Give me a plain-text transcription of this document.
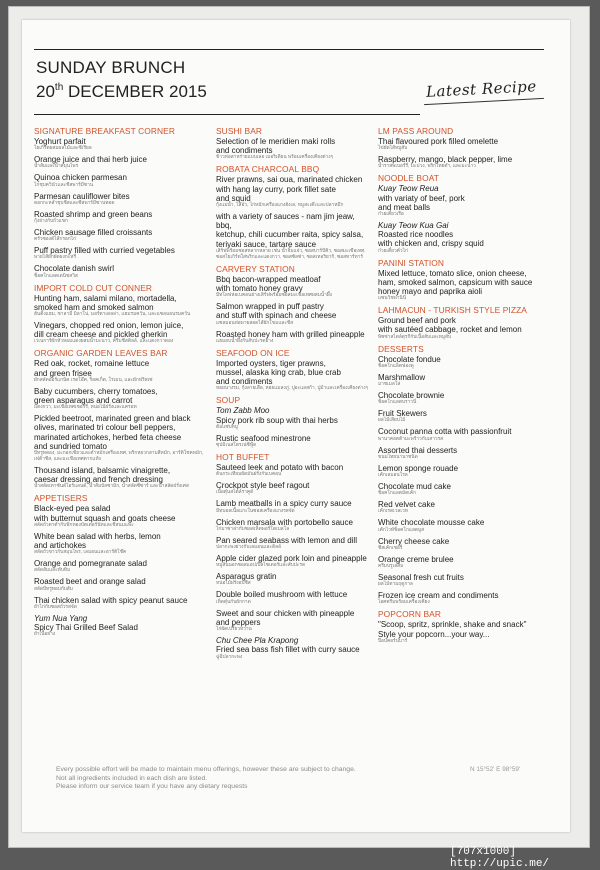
SUNDAY BRUNCH
20th DECEMBER 2015	Latest Recipe
SIGNATURE BREAKFAST CORNER
Yoghurt parfait
โยเกิร์ตผสมผลไม้และซีเรียล
Orange juice and thai herb juice
น้ำส้มและน้ำสมุนไพร
Quinoa chicken parmesan
ไก่ชุบควินัวและชีสพาร์มีซาน
Parmesan cauliflower bites
ดอกกะหล่ำชุบชีสและซีสพาร์มีซานทอด
Roasted shrimp and green beans
กุ้งย่างกับถั่วแขก
Chicken sausage filled croissants
ครัวซองต์ไส้กรอกไก่
Puff pastry filled with curried vegetables
พายไส้ผักผัดผงกะหรี่
Chocolate danish swirl
ช็อคโกแลตเดนิชสวิส
IMPORT COLD CUT CONNER
Hunting ham, salami milano, mortadella,
smoked ham and smoked salmon
ฮันติ้งแฮม, ซาลามี่ มิลาโน่, มอร์ตาเดลล่า, แฮมรมควัน, และแซลมอนรมควัน
Vinegars, chopped red onion, lemon juice,
dill cream cheese and pickled gherkin
เวเนการ์ผักหัวหอมแดงผสมน้ำมะนาว, ครีมชีสดิลล์, และแตงกวาดอง
ORGANIC GARDEN LEAVES BAR
Red oak, rocket, romaine lettuce
and green frisee
ผักสลัดออร์แกนิค เรดโอ๊ค, ร็อคเก็ต, โรเมน, และผักฟริสเซ่
Baby cucumbers, cherry tomatoes,
green asparagus and carrot
แตงกวา, มะเขือเทศเชอร์รี่, หน่อไม้ฝรั่งและแครอท
Pickled beetroot, marinated green and black
olives, marinated tri colour bell peppers,
marinated artichokes, herbed feta cheese
and sundried tomato
บีทรูทดอง, มะกอกเขียวและดำหมักเครื่องเทศ, พริกหยวกสามสีหมัก, อาร์ติโชคหมัก, เฟต้าชีส, และมะเขือเทศตากแห้ง
Thousand island, balsamic vinaigrette,
caesar dressing and french dressing
น้ำสลัดเทาซันด์ไอร์แลนด์, น้ำส้มบัลซามิก, น้ำสลัดซีซาร์ และน้ำสลัดฝรั่งเศส
APPETISERS
Black-eyed pea salad
with butternut squash and goats cheese
สลัดถั่วตาดำกับฟักทองบัตเตอร์นัทและชีสนมแพะ
White bean salad with herbs, lemon
and artichokes
สลัดถั่วขาวกับสมุนไพร, เลมอนและอาร์ติโช๊ค
Orange and pomegranate salad
สลัดส้มและทับทิม
Roasted beet and orange salad
สลัดบีทรูทอบกับส้ม
Thai chicken salad with spicy peanut sauce
ยำไก่กับซอสถั่วรสจัด
Yum Nua Yang
Spicy Thai Grilled Beef Salad
ยำเนื้อย่าง
SUSHI BAR
Selection of le meridien maki rolls
and condiments
ข้าวห่อสาหร่ายแบบเลอ เมอริเดียน พร้อมเครื่องเคียงต่างๆ
ROBATA CHARCOAL BBQ
River prawns, sai oua, marinated chicken
with hang lay curry, pork fillet sate
and squid
กุ้งแม่น้ำ, ไส้อั่ว, ไก่หมักเครื่องแกงฮังเล, หมูสะเต๊ะและปลาหมึก
with a variety of sauces - nam jim jeaw, bbq,
ketchup, chili cucumber raita, spicy salsa,
teriyaki sauce, tartare sauce
เสิร์ฟพร้อมซอสหลากหลาย เช่น น้ำจิ้มแจ่ว, ซอสบาร์บีคิว, ซอสมะเขือเทศ, ซอสโยเกิร์ตใส่พริกและแตงกวา, ซอสซัลซ่า, ซอสเทอริยากิ, ซอสทาร์ทาร์
CARVERY STATION
Bbq bacon-wrapped meatloaf
with tomato honey gravy
มีทโลฟห่อเบคอนย่างเสิร์ฟพร้อมซอสมะเขือเทศผสมน้ำผึ้ง
Salmon wrapped in puff pastry
and stuff with spinach and cheese
แซลมอนห่อพายสอดไส้ผักโขมและชีส
Roasted honey ham with grilled pineapple
แฮมอบน้ำผึ้งกับสับปะรดย่าง
SEAFOOD ON ICE
Imported oysters, tiger prawns,
mussel, alaska king crab, blue crab
and condiments
หอยนางรม, กุ้งลายเสือ, หอยแมลงภู่, ปูอะแลสก้า, ปูม้าและเครื่องเคียงต่างๆ
SOUP
Tom Zabb Moo
Spicy pork rib soup with thai herbs
ต้มแซ่บหมู
Rustic seafood minestrone
ซุปมิเนสโตรเน่ซีฟู้ด
HOT BUFFET
Sauteed leek and potato with bacon
ต้นกระเทียมผัดมันฝรั่งกับเบคอน
Crockpot style beef ragout
เนื้อตุ๋นสไตล์ราคูต์
Lamb meatballs in a spicy curry sauce
มีทบอลเนื้อแกะในซอสเครื่องแกงรสจัด
Chicken marsala with portobello sauce
ไก่มาซาล่ากับซอสเห็ดพอร์โตเบลโล
Pan seared seabass with lemon and dill
ปลากะพงย่างกับเลมอนและดิลล์
Apple cider glazed pork loin and pineapple
หมูสันนอกซอสแอปเปิ้ลไซเดอร์และสับปะรด
Asparagus gratin
หน่อไม้ฝรั่งอบชีส
Double boiled mushroom with lettuce
เห็ดตุ๋นกับผักกาด
Sweet and sour chicken with pineapple
and peppers
ไก่ผัดเปรี้ยวหวาน
Chu Chee Pla Krapong
Fried sea bass fish fillet with curry sauce
ฉู่ฉี่ปลากะพง
LM PASS AROUND
Thai flavoured pork filled omelette
ไข่ยัดไส้หมูสับ
Raspberry, mango, black pepper, lime
น้ำราสพเบอร์รี่, มะม่วง, พริกไทยดำ, และมะนาว
NOODLE BOAT
Kuay Teow Reua
with variaty of beef, pork
and meat balls
ก๋วยเตี๋ยวเรือ
Kuay Teow Kua Gai
Roasted rice noodles
with chicken and, crispy squid
ก๋วยเตี๋ยวคั่วไก่
PANINI STATION
Mixed lettuce, tomato slice, onion cheese,
ham, smoked salmon, capsicum with sauce
honey mayo and paprika aioli
แซนวิชพานินี่
LAHMACUN - TURKISH STYLE PIZZA
Ground beef and pork
with sautéed cabbage, rocket and lemon
พิซซ่าสไตล์ตุรกีกับเนื้อสับและหมูสับ
DESSERTS
Chocolate fondue
ช็อคโกแล็ตฟองดู
Marshmallow
มาชเมลโล่
Chocolate brownie
ช็อคโกแลตบราวนี่
Fruit Skewers
ผลไม้เสียบไม้
Coconut panna cotta with passionfruit
พานาคอตต้ามะพร้าวกับเสาวรส
Assorted thai desserts
ขนมไทยนานาชนิด
Lemon sponge rouade
เค้กเลมอนโรล
Chocolate mud cake
ช็อคโกแลตมัดเค้ก
Red velvet cake
เค้กเรดเวลเวท
White chocolate mousse cake
เค้กไวท์ช็อคโกแลตมูส
Cherry cheese cake
ชีสเค้กเชอรี่
Orange creme brulee
ครีมบรูเล่ส้ม
Seasonal fresh cut fruits
ผลไม้ตามฤดูกาล
Frozen ice cream and condiments
ไอศครีมพร้อมเครื่องเคียง
POPCORN BAR
"Scoop, spritz, sprinkle, shake and snack"
Style your popcorn...your way...
ป๊อบคอร์นบาร์
Every possible effort will be made to maintain menu offerings, however these are subject to change.
Not all ingredients included in each dish are listed.
Please inform our service team if you have any dietary requests
N 15°52' E 98°59'
[707x1000] http://upic.me/
